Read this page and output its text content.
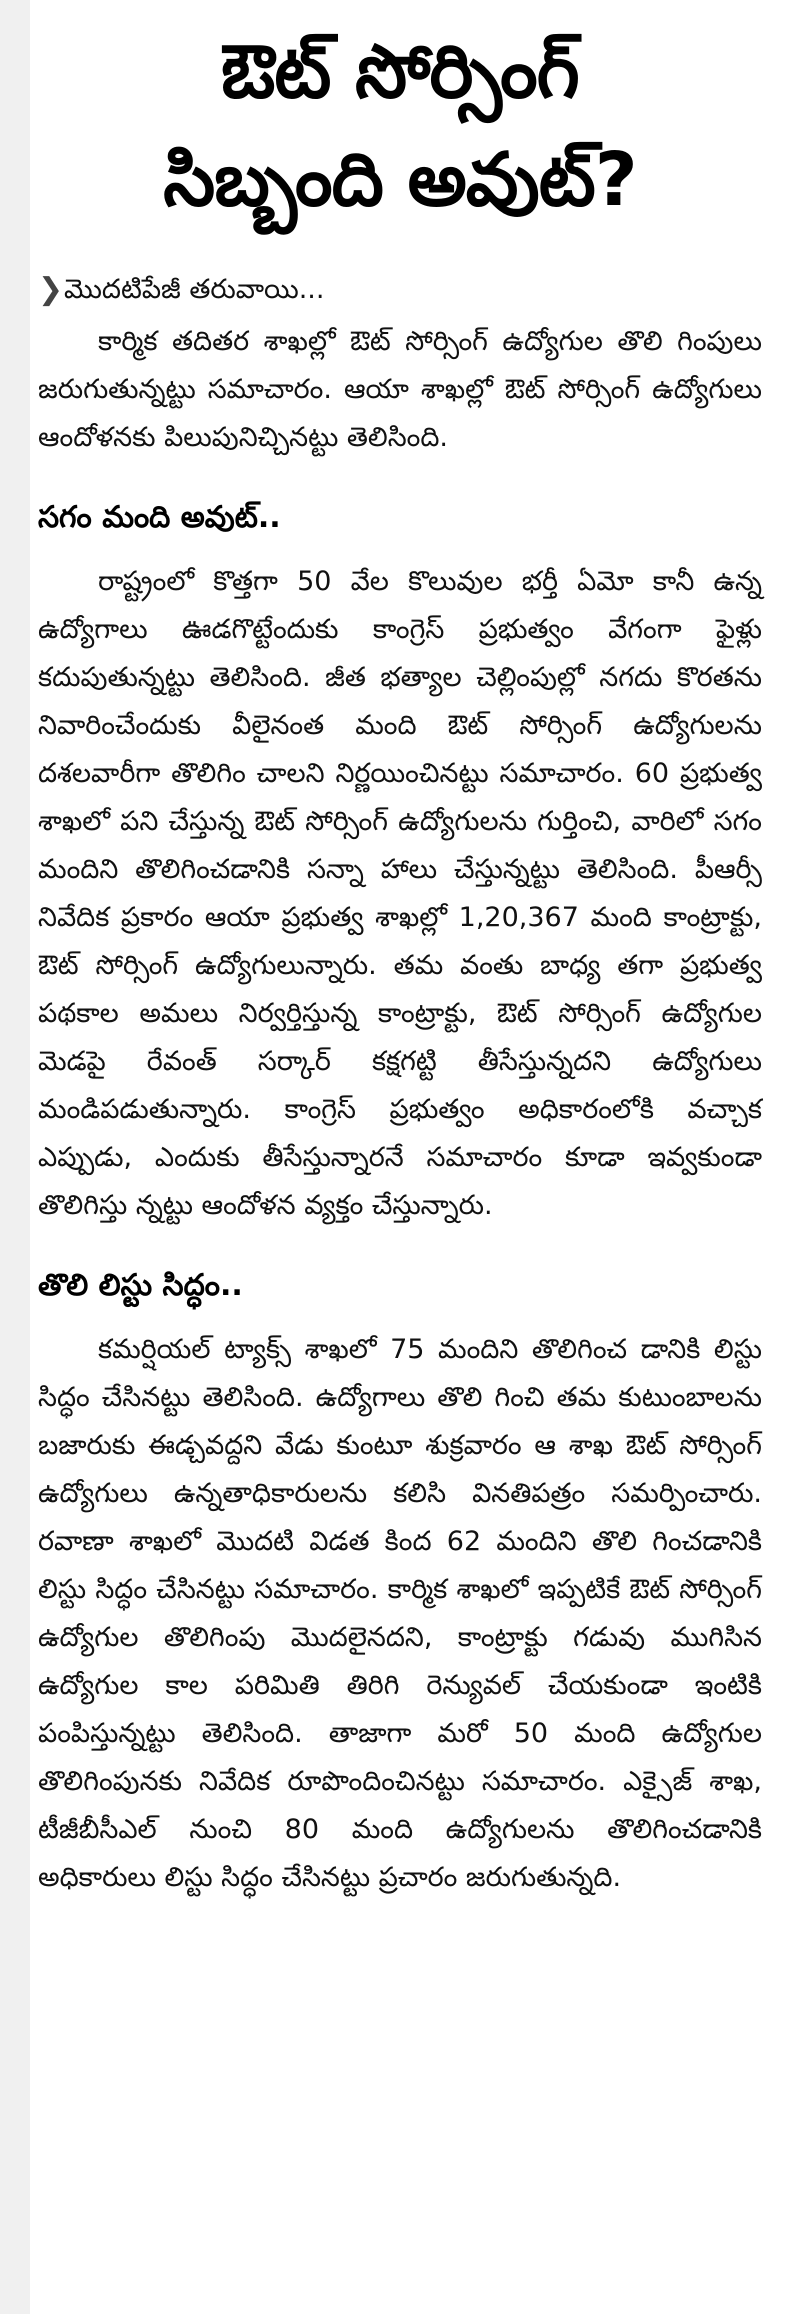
ఔట్ సోర్సింగ్
సిబ్బంది అవుట్?
❯ మొదటిపేజీ తరువాయి...

కార్మిక తదితర శాఖల్లో ఔట్ సోర్సింగ్ ఉద్యోగుల తొలి గింపులు జరుగుతున్నట్టు సమాచారం. ఆయా శాఖల్లో ఔట్ సోర్సింగ్ ఉద్యోగులు ఆందోళనకు పిలుపునిచ్చినట్టు తెలిసింది.

సగం మంది అవుట్..

రాష్ట్రంలో కొత్తగా 50 వేల కొలువుల భర్తీ ఏమో కానీ ఉన్న ఉద్యోగాలు ఊడగొట్టేందుకు కాంగ్రెస్ ప్రభుత్వం వేగంగా ఫైళ్లు కదుపుతున్నట్టు తెలిసింది. జీత భత్యాల చెల్లింపుల్లో నగదు కొరతను నివారించేందుకు వీలైనంత మంది ఔట్ సోర్సింగ్ ఉద్యోగులను దశలవారీగా తొలిగిం చాలని నిర్ణయించినట్టు సమాచారం. 60 ప్రభుత్వ శాఖలో పని చేస్తున్న ఔట్ సోర్సింగ్ ఉద్యోగులను గుర్తించి, వారిలో సగం మందిని తొలిగించడానికి సన్నా హాలు చేస్తున్నట్టు తెలిసింది. పీఆర్సీ నివేదిక ప్రకారం ఆయా ప్రభుత్వ శాఖల్లో 1,20,367 మంది కాంట్రాక్టు, ఔట్ సోర్సింగ్ ఉద్యోగులున్నారు. తమ వంతు బాధ్య తగా ప్రభుత్వ పథకాల అమలు నిర్వర్తిస్తున్న కాంట్రాక్టు, ఔట్ సోర్సింగ్ ఉద్యోగుల మెడపై రేవంత్ సర్కార్ కక్షగట్టి తీసేస్తున్నదని ఉద్యోగులు మండిపడుతున్నారు. కాంగ్రెస్ ప్రభుత్వం అధికారంలోకి వచ్చాక ఎప్పుడు, ఎందుకు తీసేస్తున్నారనే సమాచారం కూడా ఇవ్వకుండా తొలిగిస్తు న్నట్టు ఆందోళన వ్యక్తం చేస్తున్నారు.

తొలి లిస్టు సిద్ధం..

కమర్షియల్ ట్యాక్స్ శాఖలో 75 మందిని తొలిగించ డానికి లిస్టు సిద్ధం చేసినట్టు తెలిసింది. ఉద్యోగాలు తొలి గించి తమ కుటుంబాలను బజారుకు ఈడ్చవద్దని వేడు కుంటూ శుక్రవారం ఆ శాఖ ఔట్ సోర్సింగ్ ఉద్యోగులు ఉన్నతాధికారులను కలిసి వినతిపత్రం సమర్పించారు. రవాణా శాఖలో మొదటి విడత కింద 62 మందిని తొలి గించడానికి లిస్టు సిద్ధం చేసినట్టు సమాచారం. కార్మిక శాఖలో ఇప్పటికే ఔట్ సోర్సింగ్ ఉద్యోగుల తొలిగింపు మొదలైనదని, కాంట్రాక్టు గడువు ముగిసిన ఉద్యోగుల కాల పరిమితి తిరిగి రెన్యువల్ చేయకుండా ఇంటికి పంపిస్తున్నట్టు తెలిసింది. తాజాగా మరో 50 మంది ఉద్యోగుల తొలిగింపునకు నివేదిక రూపొందించినట్టు సమాచారం. ఎక్సైజ్ శాఖ, టీజీబీసీఎల్ నుంచి 80 మంది ఉద్యోగులను తొలిగించడానికి అధికారులు లిస్టు సిద్ధం చేసినట్టు ప్రచారం జరుగుతున్నది.
